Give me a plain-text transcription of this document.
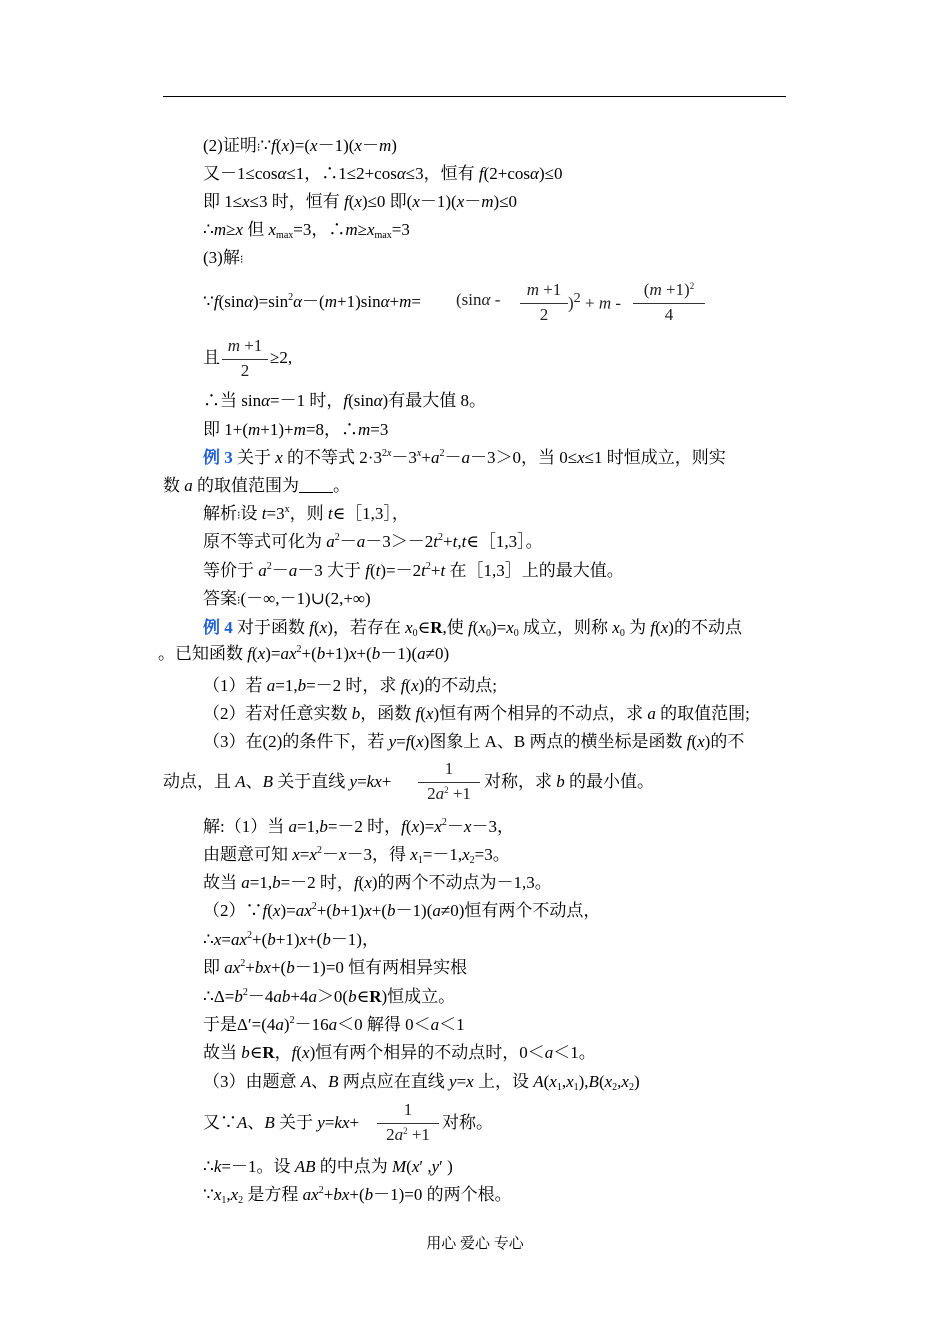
(2)证明⁝∵f(x)=(x－1)(x－m)
又－1≤cosα≤1，∴1≤2+cosα≤3，恒有 f(2+cosα)≤0
即 1≤x≤3 时，恒有 f(x)≤0 即(x－1)(x－m)≤0
∴m≥x 但 $x_{max}=3$，$\therefore m\ge x_{max}=3$
(3)解⁝
$\because f(\sin\alpha)=\sin^2\alpha-(m+1)\sin\alpha+m= (\sin\alpha$ -
m +1
2
)$^2$ + m -
$(m +1)^2$
4
且
m +1
2
≥2,
∴当 sinα=－1 时，f(sinα)有最大值 8。
即 1+(m+1)+m=8，∴m=3
例 3 关于 x 的不等式 $2\cdot 3^{2x}-3^x+a^2-a-3>0$，当 0≤x≤1 时恒成立，则实
数 a 的取值范围为 。
解析⁝设 $t=3^x$，则 t∈［1,3］，
原不等式可化为 $a^2-a-3>-2t^2+t,t\in[1,3]$。
等价于 $a^2-a-3$ 大于 $f(t)=-2t^2+t$ 在［1,3］上的最大值。
答案⁝(－∞,－1)∪(2,+∞)
例 4 对于函数 f(x)，若存在 $x_0\in R$,使 $f(x_0)=x_0$ 成立，则称 $x_0$ 为 f(x)的不动点
。已知函数 $f(x)=ax^2+(b+1)x+(b-1)(a\ne 0)$
（1）若 a=1,b=－2 时，求 f(x)的不动点;
（2）若对任意实数 b，函数 f(x)恒有两个相异的不动点，求 a 的取值范围;
（3）在(2)的条件下，若 y=f(x)图象上 A、B 两点的横坐标是函数 f(x)的不
动点，且 A、B 关于直线 y=kx+
1
$2a^2 +1$
对称，求 b 的最小值。
解:（1）当 a=1,b=－2 时，$f(x)=x^2-x-3$，
由题意可知 $x=x^2-x-3$，得 $x_1=-1,x_2=3$。
故当 a=1,b=－2 时，f(x)的两个不动点为－1,3。
$(2)\because f(x)=ax^2+(b+1)x+(b-1)(a\ne 0)$恒有两个不动点，
$\therefore x=ax^2+(b+1)x+(b-1)$，
即 $ax^2+bx+(b-1)=0$ 恒有两相异实根
$\therefore\Delta=b^2-4ab+4a>0(b\in R)$恒成立。
于是$\Delta'=(4a)^2-16a<0$ 解得 0＜a＜1
故当 b∈R，f(x)恒有两个相异的不动点时，0＜a＜1。
（3）由题意 A、B 两点应在直线 y=x 上，设 $A(x_1,x_1),B(x_2,x_2)$
又∵A、B 关于 y=kx+
1
$2a^2 +1$
对称。
∴k=－1。设 AB 的中点为 M(x′ ,y′ )
$\because x_1,x_2$ 是方程 $ax^2+bx+(b-1)=0$ 的两个根。
用心 爱心 专心
